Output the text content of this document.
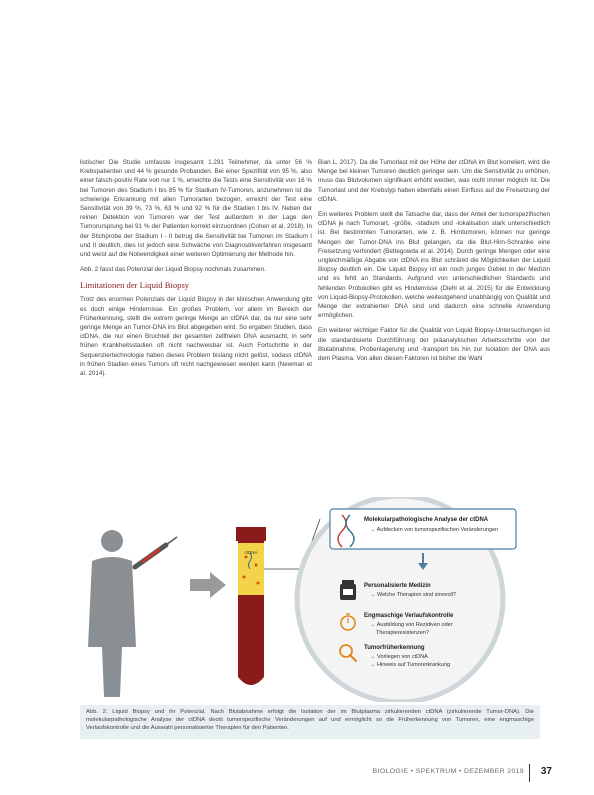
listischer Die Studie umfasste insgesamt 1.291 Teilnehmer, da unter 56 % Krebspatienten und 44 % gesunde Probanden. Bei einer Spezifität von 95 %, also einer falsch-positiv Rate von nur 1 %, erreichte die Tests eine Sensitivität von 16 % bei Tumoren des Stadium I bis 85 % für Stadium IV-Tumoren, anzunehmen ist die schwierige Erkrankung mit allen Tumorarten bezogen, erreicht der Test eine Sensitivität von 39 %, 73 %, 63 % und 92 % für die Stadien I bis IV. Neben der reinen Detektion von Tumoren war der Test außerdem in der Lage den Tumorursprung bei 91 % der Patienten korrekt einzuordnen (Cohen et al. 2018). In der Stichprobe der Stadium I - II betrug die Sensitivität bei Tumoren im Stadium I und II deutlich, dies ist jedoch eine Schwäche von Diagnostikverfahren insgesamt und weist auf die Notwendigkeit einer weiteren Optimierung der Methode hin.

Abb. 2 fasst das Potenzial der Liquid Biopsy nochmals zusammen.

Limitationen der Liquid Biopsy

Trotz des enormen Potenzials der Liquid Biopsy in der klinischen Anwendung gibt es doch einige Hindernisse. Ein großes Problem, vor allem im Bereich der Früherkennung, stellt die extrem geringe Menge an ctDNA dar, da nur eine sehr geringe Menge an Tumor-DNA ins Blut abgegeben wird. So ergaben Studien, dass ctDNA, die nur einen Bruchteil der gesamten zellfreien DNA ausmacht, in sehr frühen Krankheitsstadien oft nicht nachweisbar ist. Auch Fortschritte in der Sequenziertechnologie haben dieses Problem bislang nicht gelöst, sodass ctDNA in frühen Stadien eines Tumors oft nicht nachgewiesen werden kann (Newman et al. 2014).

Bian L, 2017). Da die Tumorlast mit der Höhe der ctDNA im Blut korreliert, wird die Menge bei kleinen Tumoren deutlich geringer sein. Um die Sensitivität zu erhöhen, muss das Blutvolumen signifikant erhöht werden, was nicht immer möglich ist. Die Tumorlast und der Krebstyp haben ebenfalls einen Einfluss auf die Freisetzung der ctDNA.

Ein weiteres Problem stellt die Tatsache dar, dass der Anteil der tumorspezifischen ctDNA je nach Tumorart, -größe, -stadium und -lokalisation stark unterschiedlich ist. Bei bestimmten Tumorarten, wie z. B. Hirntumoren, können nur geringe Mengen der Tumor-DNA ins Blut gelangen, da die Blut-Hirn-Schranke eine Freisetzung verhindert (Bettegowda et al. 2014). Durch geringe Mengen oder eine ungleichmäßige Abgabe von ctDNA ins Blut schränkt die Möglichkeiten der Liquid Biopsy deutlich ein. Die Liquid Biopsy ist ein noch junges Gebiet in der Medizin und es fehlt an Standards. Aufgrund von unterschiedlichen Standards und fehlenden Protokollen gibt es Hindernisse (Diehl et al. 2015) für die Entwicklung von Liquid-Biopsy-Protokollen, welche weitestgehend unabhängig von Qualität und Menge der extrahierten DNA sind und dadurch eine schnelle Anwendung ermöglichen.

Ein weiterer wichtiger Faktor für die Qualität von Liquid Biopsy-Untersuchungen ist die standardisierte Durchführung der präanalytischen Arbeitsschritte von der Blutabnahme, Probenlagerung und -transport bis hin zur Isolation der DNA aus dem Plasma. Von allen diesen Faktoren ist bisher die Wahl

ctDNA
Molekularpathologische Analyse der ctDNA
→ Aufdecken von tumorspezifischen Veränderungen
Personalisierte Medizin
→ Welche Therapien sind sinnvoll?
Engmaschige Verlaufskontrolle
→ Ausbildung von Rezidiven oder
Therapieresistenzen?
Tumorfrüherkennung
→ Vorliegen von ctDNA
→ Hinweis auf Tumorerkrankung
Abb. 2: Liquid Biopsy und ihr Potenzial. Nach Blutabnahme erfolgt die Isolation der im Blutplasma zirkulierenden ctDNA (zirkulierende Tumor-DNA). Die molekularpathologische Analyse der ctDNA deckt tumorspezifische Veränderungen auf und ermöglicht so die Früherkennung von Tumoren, eine engmaschige Verlaufskontrolle und die Auswahl personalisierter Therapien für den Patienten.
BIOLOGIE • SPEKTRUM • DEZEMBER 2019 37
